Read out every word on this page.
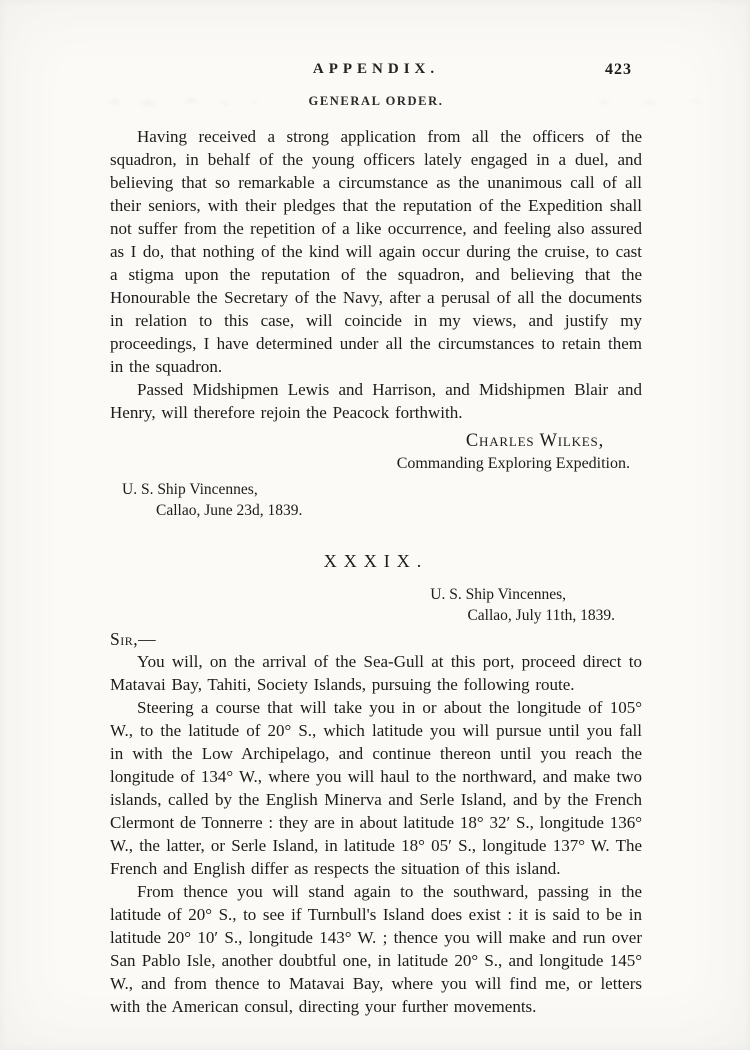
APPENDIX.	423
GENERAL ORDER.

Having received a strong application from all the officers of the squadron, in behalf of the young officers lately engaged in a duel, and believing that so remarkable a circumstance as the unanimous call of all their seniors, with their pledges that the reputation of the Expedition shall not suffer from the repetition of a like occurrence, and feeling also assured as I do, that nothing of the kind will again occur during the cruise, to cast a stigma upon the reputation of the squadron, and believing that the Honourable the Secretary of the Navy, after a perusal of all the documents in relation to this case, will coincide in my views, and justify my proceedings, I have determined under all the circumstances to retain them in the squadron.

Passed Midshipmen Lewis and Harrison, and Midshipmen Blair and Henry, will therefore rejoin the Peacock forthwith.

Charles Wilkes,
Commanding Exploring Expedition.
U. S. Ship Vincennes,
Callao, June 23d, 1839.
XXXIX.
U. S. Ship Vincennes,
Callao, July 11th, 1839.
Sir,—

You will, on the arrival of the Sea-Gull at this port, proceed direct to Matavai Bay, Tahiti, Society Islands, pursuing the following route.

Steering a course that will take you in or about the longitude of 105° W., to the latitude of 20° S., which latitude you will pursue until you fall in with the Low Archipelago, and continue thereon until you reach the longitude of 134° W., where you will haul to the northward, and make two islands, called by the English Minerva and Serle Island, and by the French Clermont de Tonnerre : they are in about latitude 18° 32′ S., longitude 136° W., the latter, or Serle Island, in latitude 18° 05′ S., longitude 137° W. The French and English differ as respects the situation of this island.

From thence you will stand again to the southward, passing in the latitude of 20° S., to see if Turnbull's Island does exist : it is said to be in latitude 20° 10′ S., longitude 143° W. ; thence you will make and run over San Pablo Isle, another doubtful one, in latitude 20° S., and longitude 145° W., and from thence to Matavai Bay, where you will find me, or letters with the American consul, directing your further movements.
